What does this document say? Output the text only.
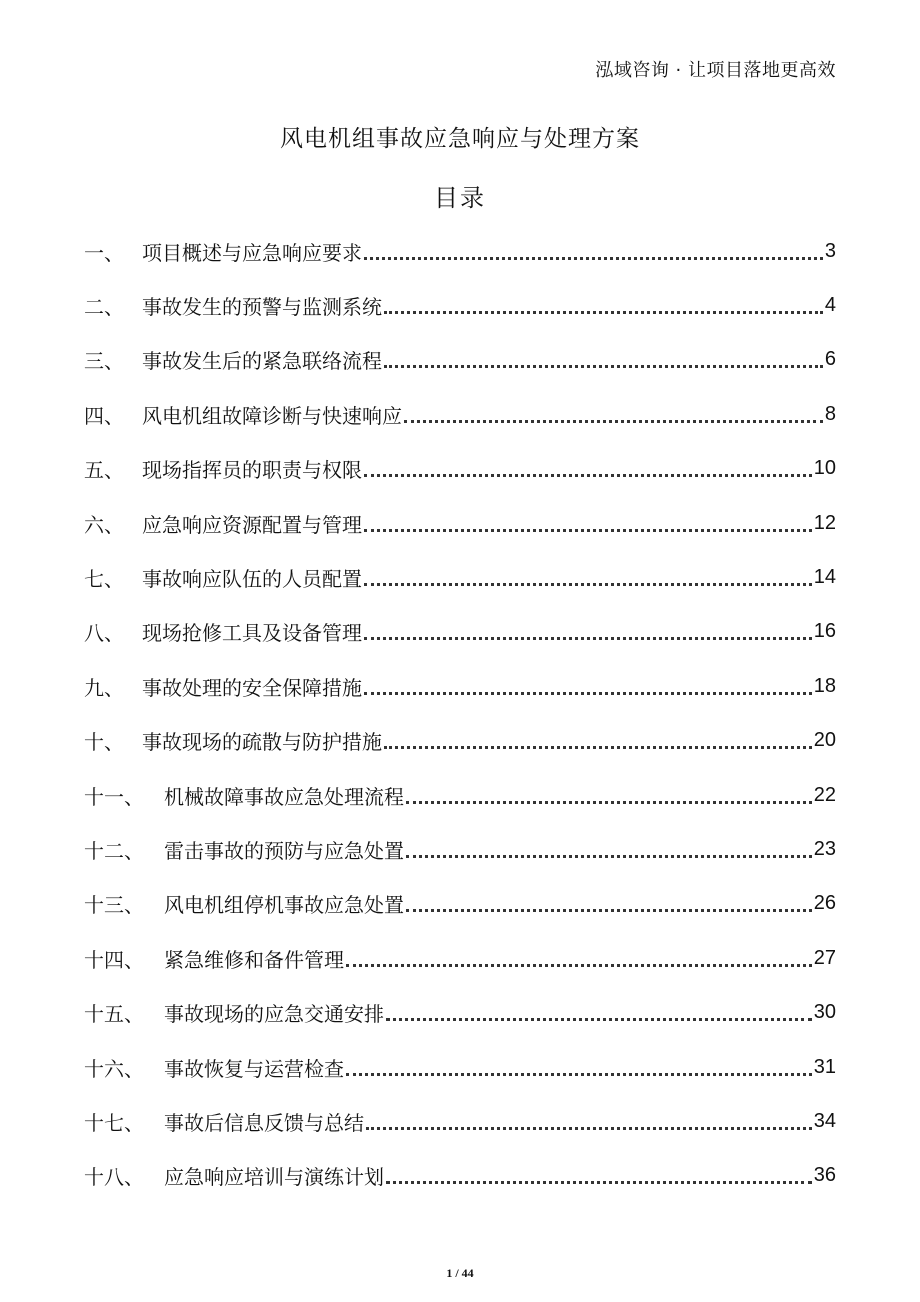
泓域咨询 · 让项目落地更高效
风电机组事故应急响应与处理方案
目录
一、 项目概述与应急响应要求	3
二、 事故发生的预警与监测系统	4
三、 事故发生后的紧急联络流程	6
四、 风电机组故障诊断与快速响应	8
五、 现场指挥员的职责与权限	10
六、 应急响应资源配置与管理	12
七、 事故响应队伍的人员配置	14
八、 现场抢修工具及设备管理	16
九、 事故处理的安全保障措施	18
十、 事故现场的疏散与防护措施	20
十一、	机械故障事故应急处理流程	22
十二、	雷击事故的预防与应急处置	23
十三、	风电机组停机事故应急处置	26
十四、	紧急维修和备件管理	27
十五、	事故现场的应急交通安排	30
十六、	事故恢复与运营检查	31
十七、	事故后信息反馈与总结	34
十八、	应急响应培训与演练计划	36
1 / 44
